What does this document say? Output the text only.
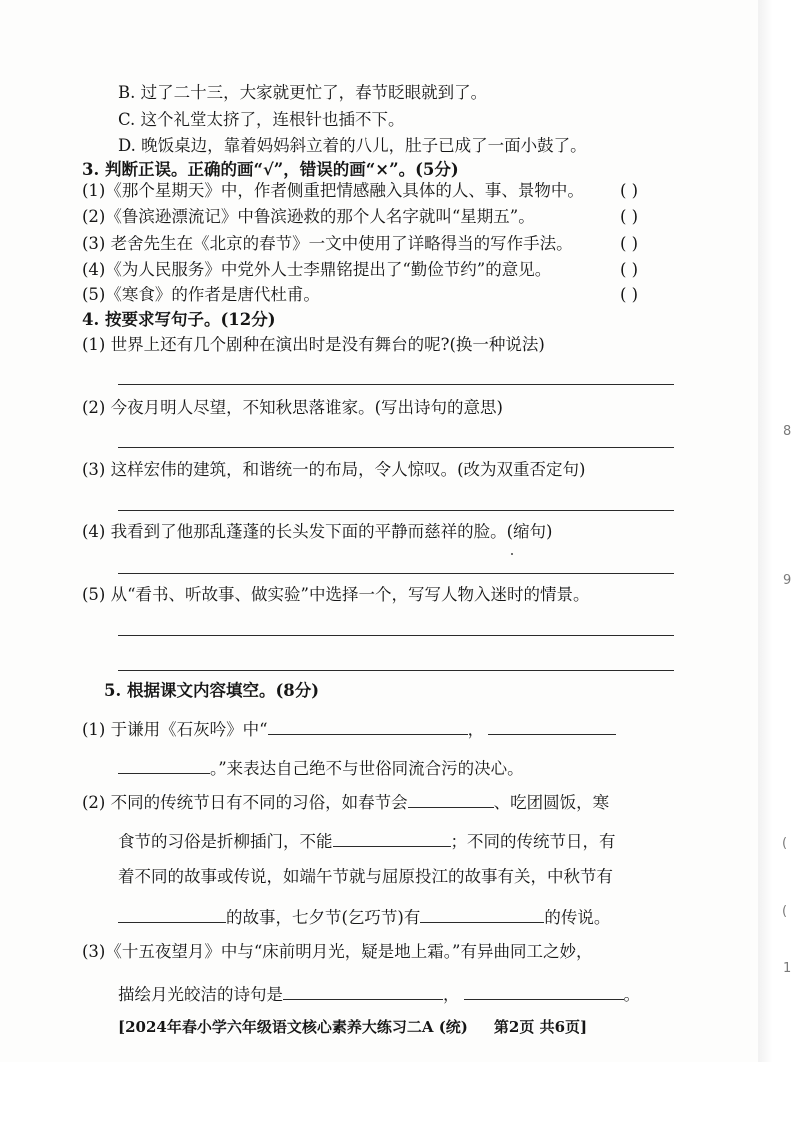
B. 过了二十三，大家就更忙了，春节眨眼就到了。
C. 这个礼堂太挤了，连根针也插不下。
D. 晚饭桌边，靠着妈妈斜立着的八儿，肚子已成了一面小鼓了。
3. 判断正误。正确的画“√”，错误的画“×”。(5分)
(1)《那个星期天》中，作者侧重把情感融入具体的人、事、景物中。 ( )
(2)《鲁滨逊漂流记》中鲁滨逊救的那个人名字就叫“星期五”。	( )
(3) 老舍先生在《北京的春节》一文中使用了详略得当的写作手法。	( )
(4)《为人民服务》中党外人士李鼎铭提出了“勤俭节约”的意见。	( )
(5)《寒食》的作者是唐代杜甫。	( )
4. 按要求写句子。(12分)
(1) 世界上还有几个剧种在演出时是没有舞台的呢?(换一种说法)
(2) 今夜月明人尽望，不知秋思落谁家。(写出诗句的意思)
(3) 这样宏伟的建筑，和谐统一的布局，令人惊叹。(改为双重否定句)
(4) 我看到了他那乱蓬蓬的长头发下面的平静而慈祥的脸。(缩句)
(5) 从“看书、听故事、做实验”中选择一个，写写人物入迷时的情景。
5. 根据课文内容填空。(8分)
(1) 于谦用《石灰吟》中“	，
。”来表达自己绝不与世俗同流合污的决心。
(2) 不同的传统节日有不同的习俗，如春节会	、吃团圆饭，寒
食节的习俗是折柳插门，不能	；不同的传统节日，有
着不同的故事或传说，如端午节就与屈原投江的故事有关，中秋节有
的故事，七夕节(乞巧节)有	的传说。
(3)《十五夜望月》中与“床前明月光，疑是地上霜。”有异曲同工之妙，
描绘月光皎洁的诗句是	，	。
[2024年春小学六年级语文核心素养大练习二A (统) 第2页 共6页]
8
9
(
(
1
